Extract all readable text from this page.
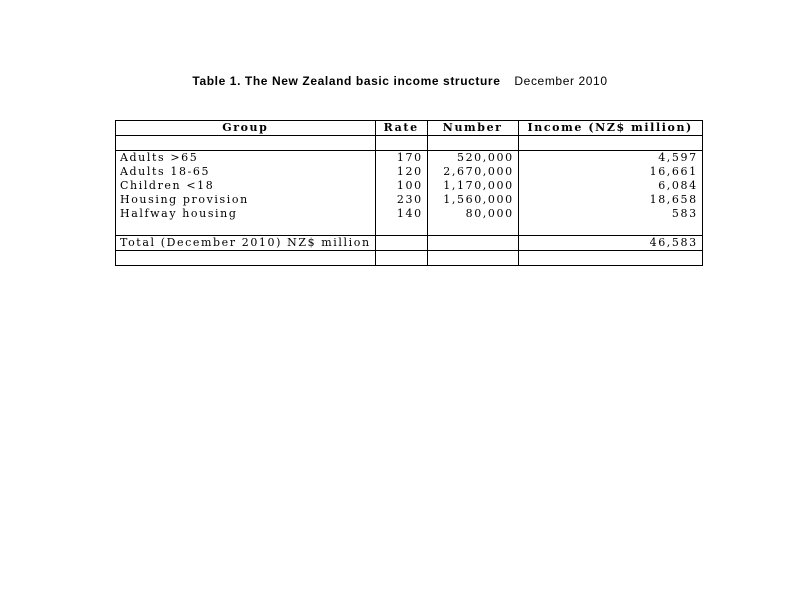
Table 1. The New Zealand basic income structure December 2010
Group	Rate	Number	Income (NZ$ million)

Adults >65	170	520,000	4,597
Adults 18-65	120	2,670,000	16,661
Children <18	100	1,170,000	6,084
Housing provision	230	1,560,000	18,658
Halfway housing	140	80,000	583

Total (December 2010) NZ$ million			46,583
